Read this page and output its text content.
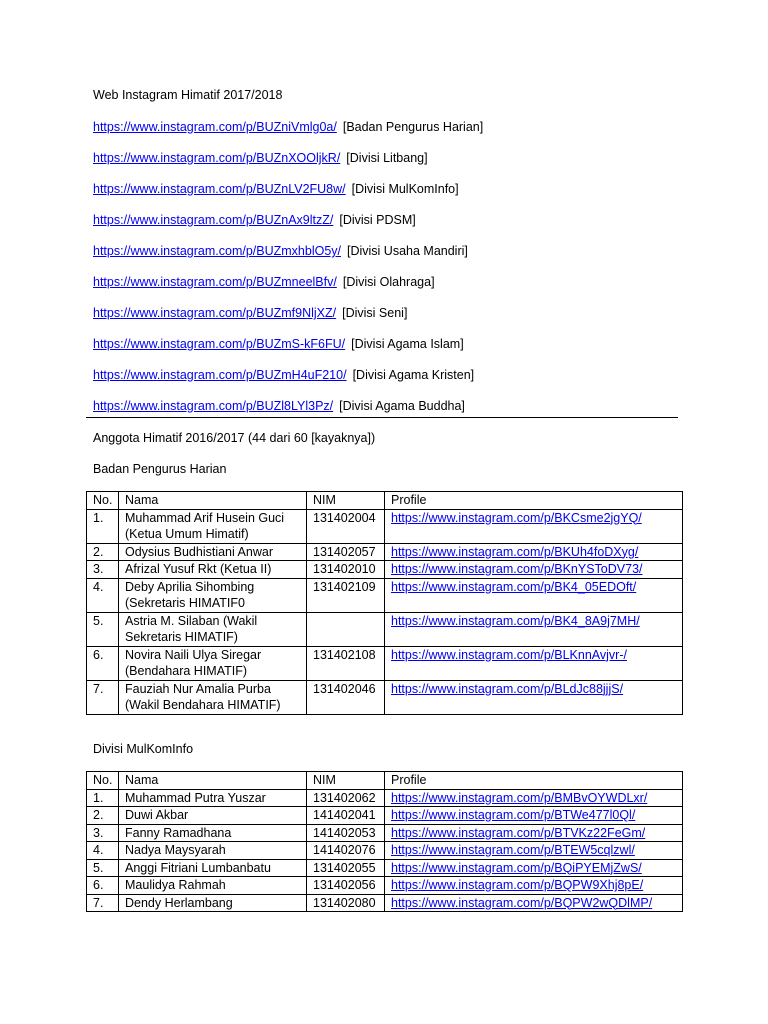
Web Instagram Himatif 2017/2018
https://www.instagram.com/p/BUZniVmlg0a/ [Badan Pengurus Harian]
https://www.instagram.com/p/BUZnXOOljkR/ [Divisi Litbang]
https://www.instagram.com/p/BUZnLV2FU8w/ [Divisi MulKomInfo]
https://www.instagram.com/p/BUZnAx9ltzZ/ [Divisi PDSM]
https://www.instagram.com/p/BUZmxhblO5y/ [Divisi Usaha Mandiri]
https://www.instagram.com/p/BUZmneelBfv/ [Divisi Olahraga]
https://www.instagram.com/p/BUZmf9NljXZ/ [Divisi Seni]
https://www.instagram.com/p/BUZmS-kF6FU/ [Divisi Agama Islam]
https://www.instagram.com/p/BUZmH4uF210/ [Divisi Agama Kristen]
https://www.instagram.com/p/BUZl8LYl3Pz/ [Divisi Agama Buddha]
Anggota Himatif 2016/2017 (44 dari 60 [kayaknya])
Badan Pengurus Harian
No.	Nama	NIM	Profile
1.	Muhammad Arif Husein Guci (Ketua Umum Himatif)	131402004	https://www.instagram.com/p/BKCsme2jgYQ/
2.	Odysius Budhistiani Anwar	131402057	https://www.instagram.com/p/BKUh4foDXyg/
3.	Afrizal Yusuf Rkt (Ketua II)	131402010	https://www.instagram.com/p/BKnYSToDV73/
4.	Deby Aprilia Sihombing (Sekretaris HIMATIF0	131402109	https://www.instagram.com/p/BK4_05EDOft/
5.	Astria M. Silaban (Wakil Sekretaris HIMATIF)		https://www.instagram.com/p/BK4_8A9j7MH/
6.	Novira Naili Ulya Siregar (Bendahara HIMATIF)	131402108	https://www.instagram.com/p/BLKnnAvjvr-/
7.	Fauziah Nur Amalia Purba (Wakil Bendahara HIMATIF)	131402046	https://www.instagram.com/p/BLdJc88jjjS/
Divisi MulKomInfo
No.	Nama	NIM	Profile
1.	Muhammad Putra Yuszar	131402062	https://www.instagram.com/p/BMBvOYWDLxr/
2.	Duwi Akbar	141402041	https://www.instagram.com/p/BTWe477l0Ql/
3.	Fanny Ramadhana	141402053	https://www.instagram.com/p/BTVKz22FeGm/
4.	Nadya Maysyarah	141402076	https://www.instagram.com/p/BTEW5cqlzwl/
5.	Anggi Fitriani Lumbanbatu	131402055	https://www.instagram.com/p/BQiPYEMjZwS/
6.	Maulidya Rahmah	131402056	https://www.instagram.com/p/BQPW9Xhj8pE/
7.	Dendy Herlambang	131402080	https://www.instagram.com/p/BQPW2wQDlMP/
